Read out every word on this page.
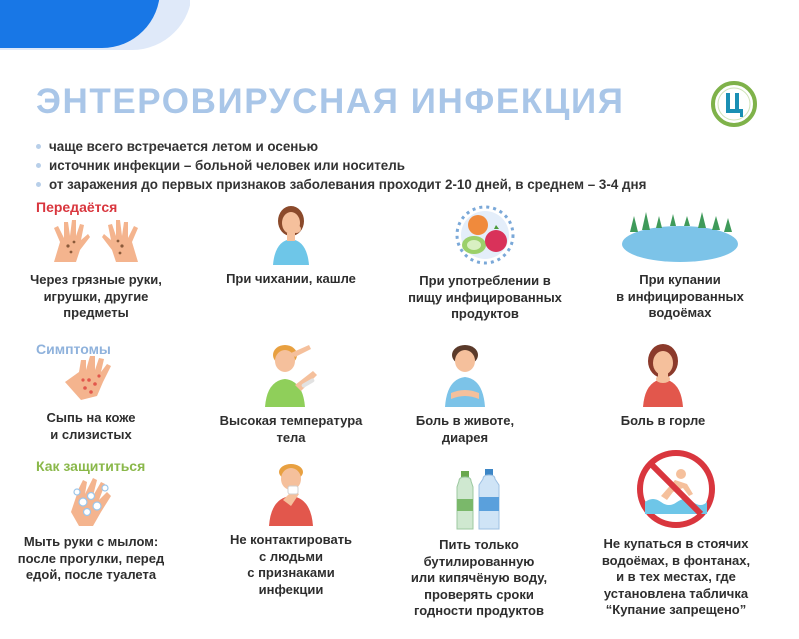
ЭНТЕРОВИРУСНАЯ ИНФЕКЦИЯ
чаще всего встречается летом и осенью
источник инфекции – больной человек или носитель
от заражения до первых признаков заболевания проходит 2-10 дней, в среднем – 3-4 дня
Передаётся
Через грязные руки,
игрушки, другие
предметы
При чихании, кашле	При употреблении в
пищу инфицированных
продуктов
При купании
в инфицированных
водоёмах
Симптомы
Сыпь на коже
и слизистых
Высокая температура
тела
Боль в животе,
диарея
Боль в горле
Как защититься
Мыть руки с мылом:
после прогулки, перед
едой, после туалета
Не контактировать
с людьми
с признаками
инфекции
Пить только
бутилированную
или кипячёную воду,
проверять сроки
годности продуктов
Не купаться в стоячих
водоёмах, в фонтанах,
и в тех местах, где
установлена табличка
“Купание запрещено”
